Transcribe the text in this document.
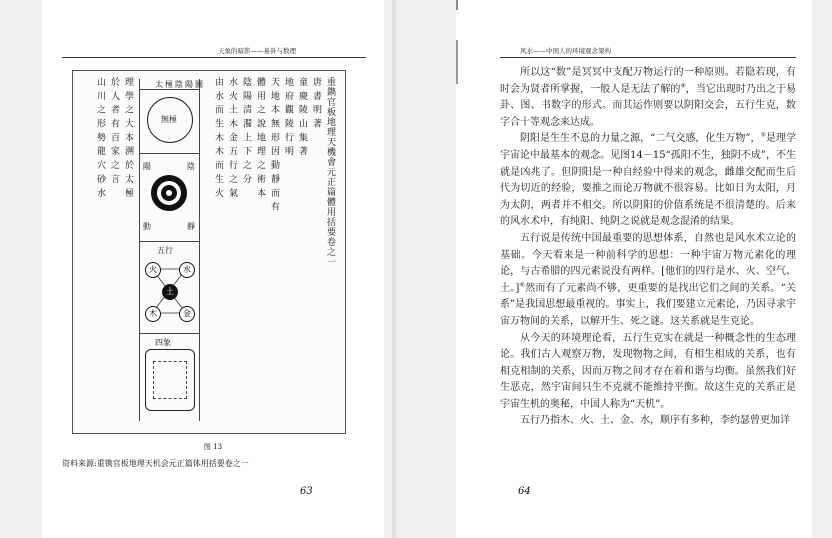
天象的暗影——易卦与数理
重鐫官板地理天機會元正篇體用括要卷之一
唐 書 明 著
童 慶 陵 山 集 著
地 府 觀 陵 行 明
天 地 本 無 形 因 動 靜 而 有
體 用 之 說 地 理 之 術 本
陰 陽 清 濁 上 下 之 分
水 火 土 木 金 五 行 之 氣
由 水 而 生 木 木 而 生 火
理 學 之 大 本 溯 於 太 極
於 人 者 有 百 家 之 言
山 川 之 形 勢 龍 穴 砂 水	太極陰陽圖
無極
陽	陰
動	靜
五行
火	水
土
木	金
四象
图 13
资料来源:重镌官板地理天机会元正篇体用括要卷之一
63
风水——中国人的环境观念架构

所以这“数”是冥冥中支配万物运行的一种原则。若隐若现，有时会为贤者所掌握，一般人是无法了解的④，当它出现时乃出之于易卦、图、书数字的形式。而其运作则要以阴阳交会，五行生克，数字合十等观念来达成。

阴阳是生生不息的力量之源，“二气交感，化生万物”，⑤是理学宇宙论中最基本的观念。见图14－15“孤阳不生，独阴不成”，不生就是凶兆了。但阴阳是一种自经验中得来的观念，雌雄交配而生后代为切近的经验，要推之而论万物就不很容易。比如日为太阳，月为太阴，两者并不相交。所以阴阳的价值系统是不很清楚的。后来的风水术中，有纯阳、纯阴之说就是观念混淆的结果。

五行说是传统中国最重要的思想体系，自然也是风水术立论的基础。今天看来是一种前科学的思想：一种宇宙万物元素化的理论，与古希腊的四元素说没有两样。[他们的四行是水、火、空气、土。]⑥然而有了元素尚不够，更重要的是找出它们之间的关系。“关系”是我国思想最重视的。事实上，我们要建立元素论，乃因寻求宇宙万物间的关系，以解开生、死之谜。这关系就是生克论。

从今天的环境理论看，五行生克实在就是一种概念性的生态理论。我们古人观察万物，发现物物之间，有相生相成的关系，也有相克相制的关系，因而万物之间才存在着和谐与均衡。虽然我们好生恶克，然宇宙间只生不克就不能维持平衡。故这生克的关系正是宇宙生机的奥秘，中国人称为“天机”。

五行乃指木、火、土、金、水，顺序有多种，李约瑟曾更加详

64
